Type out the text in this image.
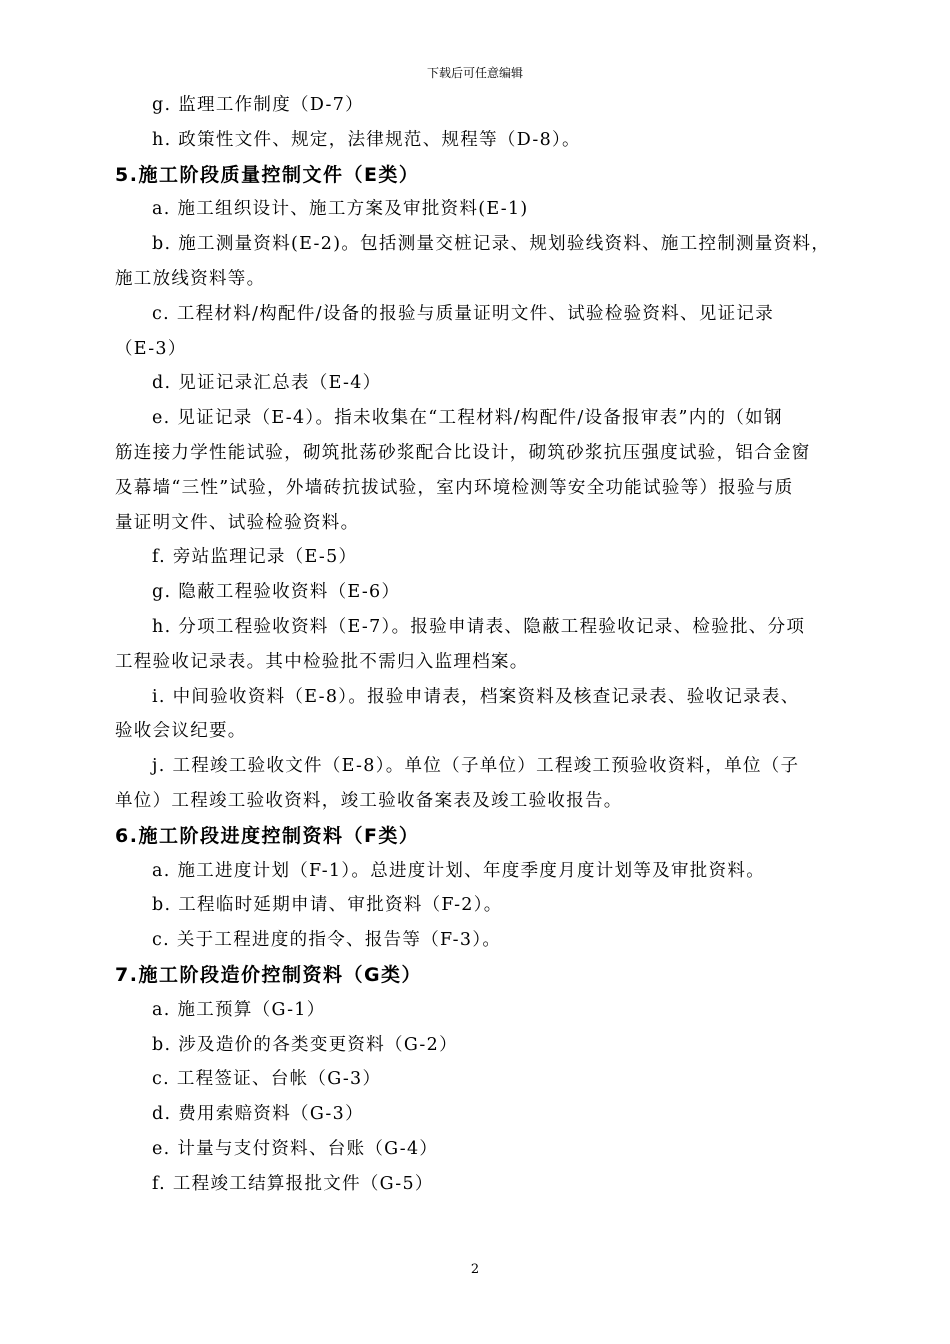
下载后可任意编辑
g. 监理工作制度（D-7）
h. 政策性文件、规定，法律规范、规程等（D-8）。
5.施工阶段质量控制文件（E类）
a. 施工组织设计、施工方案及审批资料(E-1)
b. 施工测量资料(E-2)。包括测量交桩记录、规划验线资料、施工控制测量资料，
施工放线资料等。
c. 工程材料/构配件/设备的报验与质量证明文件、试验检验资料、见证记录
（E-3）
d. 见证记录汇总表（E-4）
e. 见证记录（E-4）。指未收集在“工程材料/构配件/设备报审表”内的（如钢
筋连接力学性能试验，砌筑批荡砂浆配合比设计，砌筑砂浆抗压强度试验，铝合金窗
及幕墙“三性”试验，外墙砖抗拔试验，室内环境检测等安全功能试验等）报验与质
量证明文件、试验检验资料。
f. 旁站监理记录（E-5）
g. 隐蔽工程验收资料（E-6）
h. 分项工程验收资料（E-7）。报验申请表、隐蔽工程验收记录、检验批、分项
工程验收记录表。其中检验批不需归入监理档案。
i. 中间验收资料（E-8）。报验申请表，档案资料及核查记录表、验收记录表、
验收会议纪要。
j. 工程竣工验收文件（E-8）。单位（子单位）工程竣工预验收资料，单位（子
单位）工程竣工验收资料，竣工验收备案表及竣工验收报告。
6.施工阶段进度控制资料（F类）
a. 施工进度计划（F-1）。总进度计划、年度季度月度计划等及审批资料。
b. 工程临时延期申请、审批资料（F-2）。
c. 关于工程进度的指令、报告等（F-3）。
7.施工阶段造价控制资料（G类）
a. 施工预算（G-1）
b. 涉及造价的各类变更资料（G-2）
c. 工程签证、台帐（G-3）
d. 费用索赔资料（G-3）
e. 计量与支付资料、台账（G-4）
f. 工程竣工结算报批文件（G-5）
2
